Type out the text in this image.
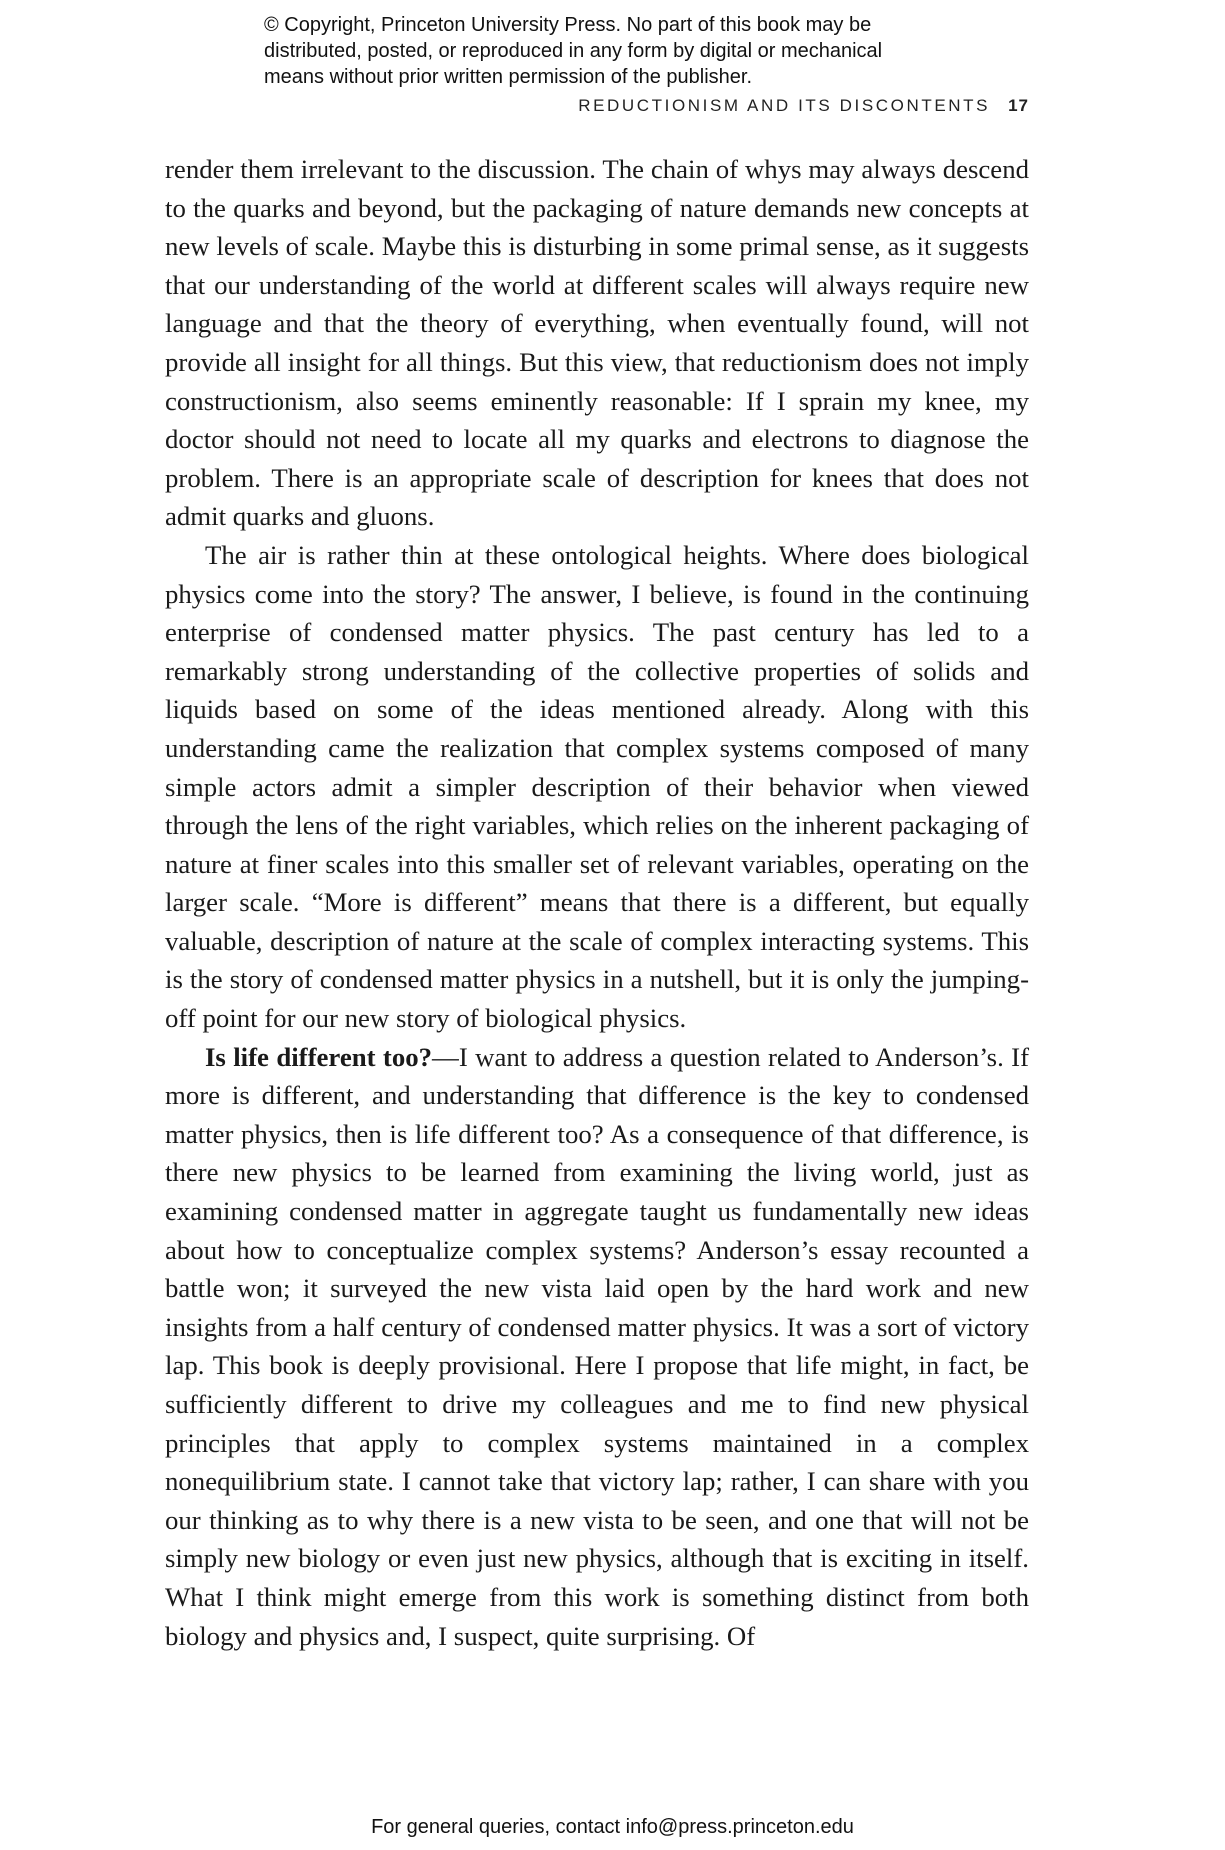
© Copyright, Princeton University Press. No part of this book may be
distributed, posted, or reproduced in any form by digital or mechanical
means without prior written permission of the publisher.
REDUCTIONISM AND ITS DISCONTENTS 17

render them irrelevant to the discussion. The chain of whys may always descend to the quarks and beyond, but the packaging of nature demands new concepts at new levels of scale. Maybe this is disturbing in some primal sense, as it suggests that our understanding of the world at different scales will always require new language and that the theory of everything, when eventually found, will not provide all insight for all things. But this view, that reductionism does not imply constructionism, also seems eminently reasonable: If I sprain my knee, my doctor should not need to locate all my quarks and electrons to diagnose the problem. There is an appropriate scale of description for knees that does not admit quarks and gluons.

The air is rather thin at these ontological heights. Where does biological physics come into the story? The answer, I believe, is found in the continuing enterprise of condensed matter physics. The past century has led to a remarkably strong understanding of the collective properties of solids and liquids based on some of the ideas mentioned already. Along with this understanding came the realization that complex systems composed of many simple actors admit a simpler description of their behavior when viewed through the lens of the right variables, which relies on the inherent packaging of nature at finer scales into this smaller set of relevant variables, operating on the larger scale. “More is different” means that there is a different, but equally valuable, description of nature at the scale of complex interacting systems. This is the story of condensed matter physics in a nutshell, but it is only the jumping-off point for our new story of biological physics.

Is life different too?—I want to address a question related to Anderson’s. If more is different, and understanding that difference is the key to condensed matter physics, then is life different too? As a consequence of that difference, is there new physics to be learned from examining the living world, just as examining condensed matter in aggregate taught us fundamentally new ideas about how to conceptualize complex systems? Anderson’s essay recounted a battle won; it surveyed the new vista laid open by the hard work and new insights from a half century of condensed matter physics. It was a sort of victory lap. This book is deeply provisional. Here I propose that life might, in fact, be sufficiently different to drive my colleagues and me to find new physical principles that apply to complex systems maintained in a complex nonequilibrium state. I cannot take that victory lap; rather, I can share with you our thinking as to why there is a new vista to be seen, and one that will not be simply new biology or even just new physics, although that is exciting in itself. What I think might emerge from this work is something distinct from both biology and physics and, I suspect, quite surprising. Of

For general queries, contact info@press.princeton.edu
